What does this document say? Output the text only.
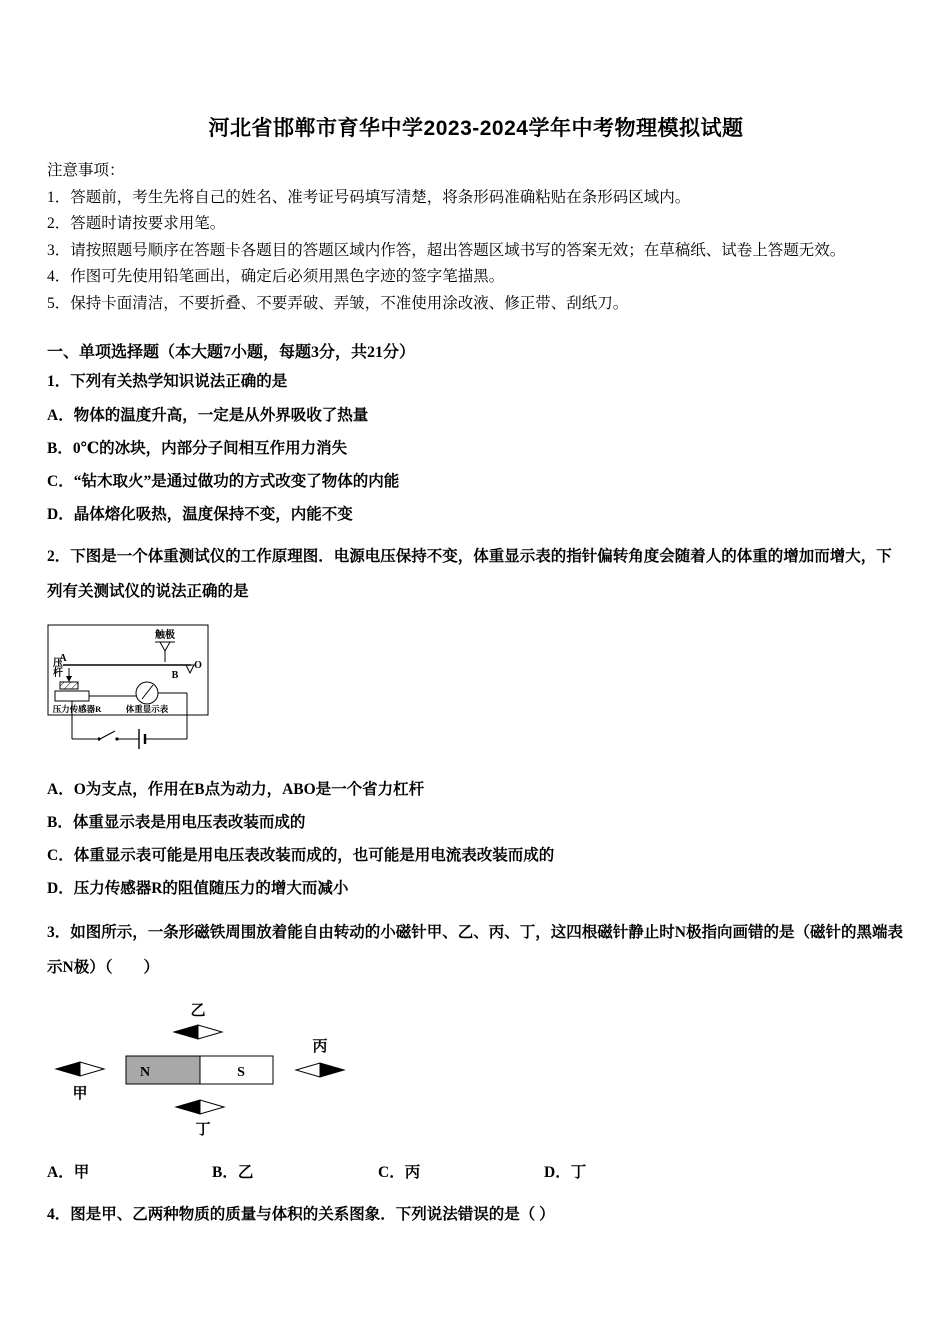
河北省邯郸市育华中学2023-2024学年中考物理模拟试题
注意事项：
1．答题前，考生先将自己的姓名、准考证号码填写清楚，将条形码准确粘贴在条形码区域内。
2．答题时请按要求用笔。
3．请按照题号顺序在答题卡各题目的答题区域内作答，超出答题区域书写的答案无效；在草稿纸、试卷上答题无效。
4．作图可先使用铅笔画出，确定后必须用黑色字迹的签字笔描黑。
5．保持卡面清洁，不要折叠、不要弄破、弄皱，不准使用涂改液、修正带、刮纸刀。
一、单项选择题（本大题7小题，每题3分，共21分）
1．下列有关热学知识说法正确的是
A．物体的温度升高，一定是从外界吸收了热量
B．0℃的冰块，内部分子间相互作用力消失
C．“钻木取火”是通过做功的方式改变了物体的内能
D．晶体熔化吸热，温度保持不变，内能不变
2．下图是一个体重测试仪的工作原理图．电源电压保持不变，体重显示表的指针偏转角度会随着人的体重的增加而增大，下列有关测试仪的说法正确的是
触极
A
O
B
压杆
压力传感器R	体重显示表
A．O为支点，作用在B点为动力，ABO是一个省力杠杆
B．体重显示表是用电压表改装而成的
C．体重显示表可能是用电压表改装而成的，也可能是用电流表改装而成的
D．压力传感器R的阻值随压力的增大而减小
3．如图所示，一条形磁铁周围放着能自由转动的小磁针甲、乙、丙、丁，这四根磁针静止时N极指向画错的是（磁针的黑端表示N极）（　　）
N	S
甲
乙
丙
丁
A．甲	B．乙	C．丙	D．丁
4．图是甲、乙两种物质的质量与体积的关系图象．下列说法错误的是（ ）
